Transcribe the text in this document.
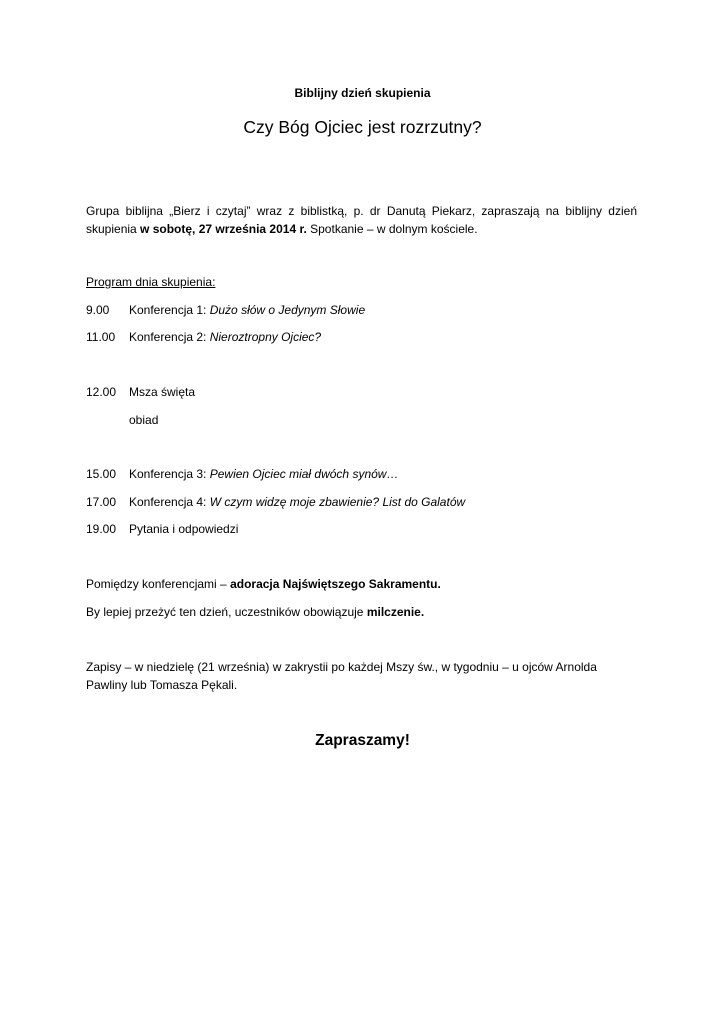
Biblijny dzień skupienia
Czy Bóg Ojciec jest rozrzutny?
Grupa biblijna „Bierz i czytaj” wraz z biblistką, p. dr Danutą Piekarz, zapraszają na biblijny dzień skupienia w sobotę, 27 września 2014 r. Spotkanie – w dolnym kościele.
Program dnia skupienia:
9.00 Konferencja 1: Dużo słów o Jedynym Słowie
11.00 Konferencja 2: Nieroztropny Ojciec?
12.00 Msza święta
obiad
15.00 Konferencja 3: Pewien Ojciec miał dwóch synów…
17.00 Konferencja 4: W czym widzę moje zbawienie? List do Galatów
19.00 Pytania i odpowiedzi
Pomiędzy konferencjami – adoracja Najświętszego Sakramentu.
By lepiej przeżyć ten dzień, uczestników obowiązuje milczenie.
Zapisy – w niedzielę (21 września) w zakrystii po każdej Mszy św., w tygodniu – u ojców Arnolda Pawliny lub Tomasza Pękali.
Zapraszamy!
